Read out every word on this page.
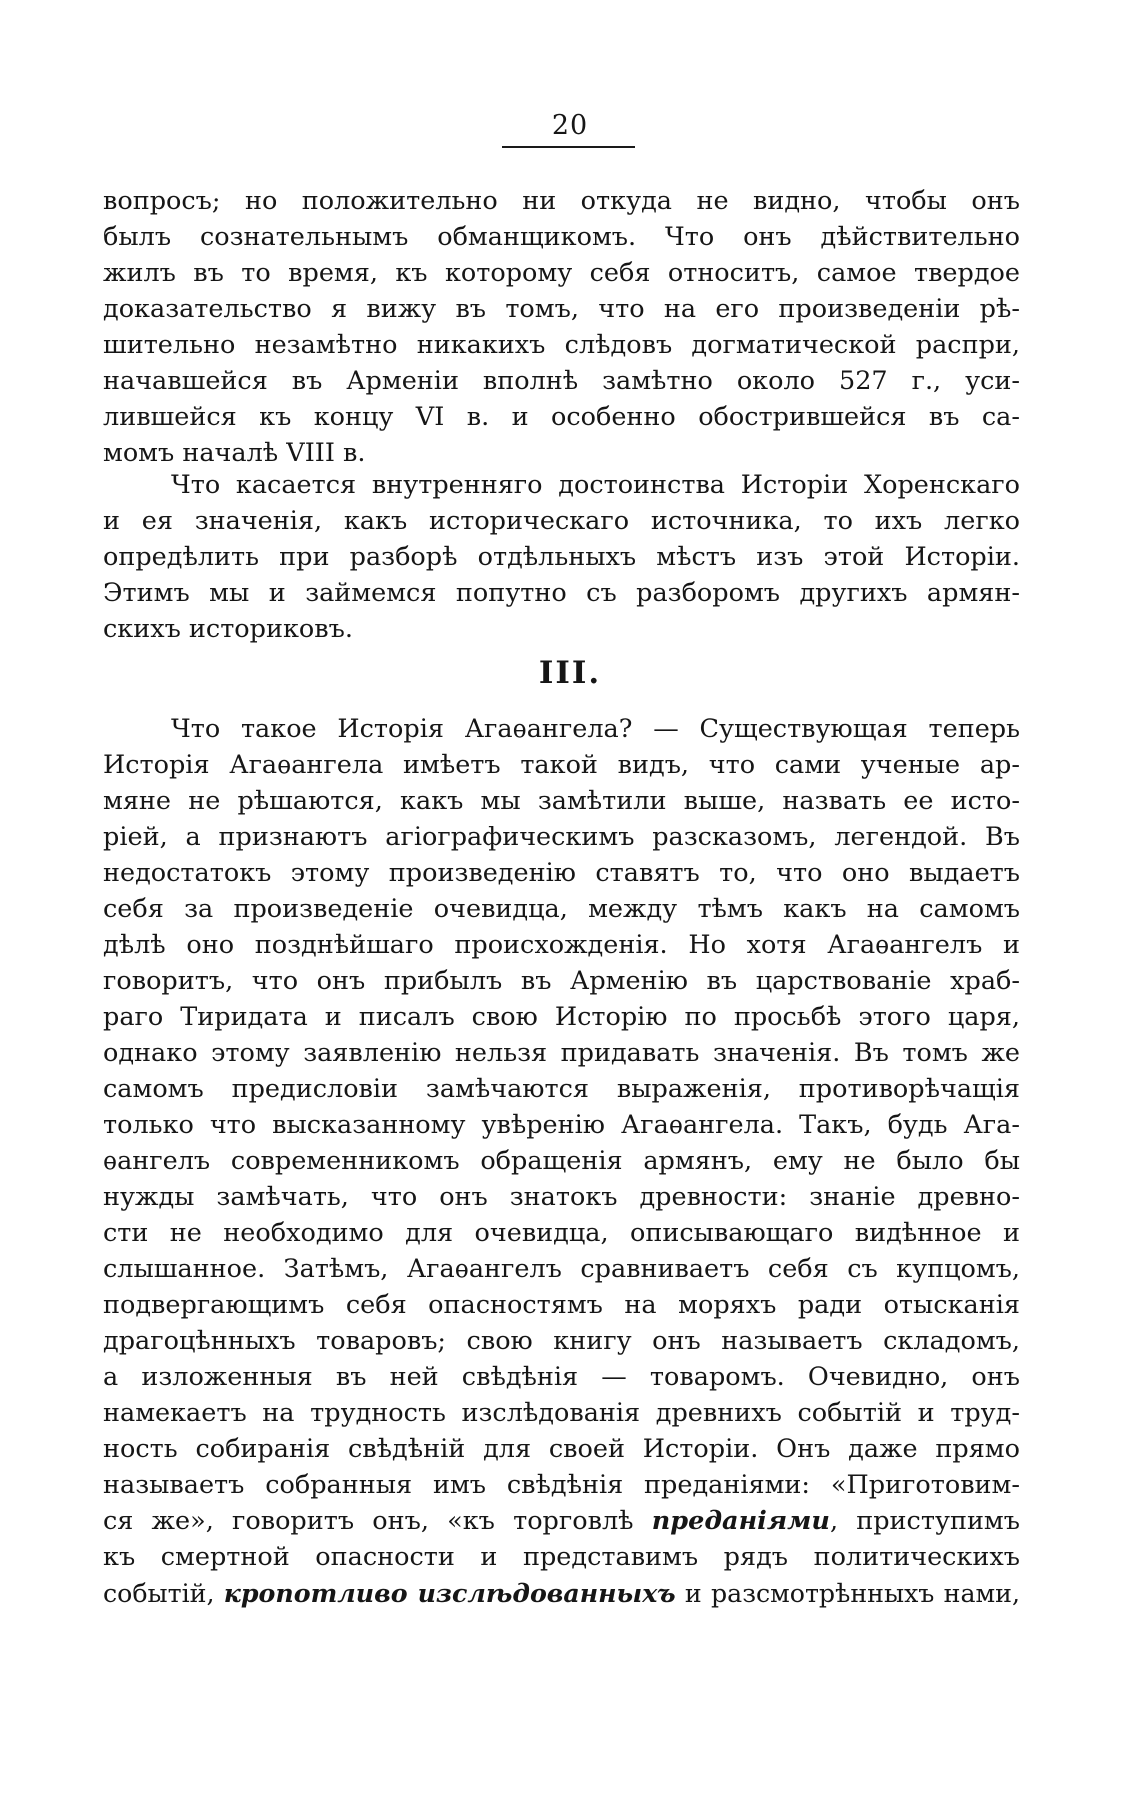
20
вопросъ; но положительно ни откуда не видно, чтобы онъ
былъ сознательнымъ обманщикомъ. Что онъ дѣйствительно
жилъ въ то время, къ которому себя относитъ, самое твердое
доказательство я вижу въ томъ, что на его произведеніи рѣ-
шительно незамѣтно никакихъ слѣдовъ догматической распри,
начавшейся въ Арменіи вполнѣ замѣтно около 527 г., уси-
лившейся къ концу VI в. и особенно обострившейся въ са-
момъ началѣ VIII в.
Что касается внутренняго достоинства Исторіи Хоренскаго
и ея значенія, какъ историческаго источника, то ихъ легко
опредѣлить при разборѣ отдѣльныхъ мѣстъ изъ этой Исторіи.
Этимъ мы и займемся попутно съ разборомъ другихъ армян-
скихъ историковъ.
III.
Что такое Исторія Агаѳангела? — Существующая теперь
Исторія Агаѳангела имѣетъ такой видъ, что сами ученые ар-
мяне не рѣшаются, какъ мы замѣтили выше, назвать ее исто-
ріей, а признаютъ агіографическимъ разсказомъ, легендой. Въ
недостатокъ этому произведенію ставятъ то, что оно выдаетъ
себя за произведеніе очевидца, между тѣмъ какъ на самомъ
дѣлѣ оно позднѣйшаго происхожденія. Но хотя Агаѳангелъ и
говоритъ, что онъ прибылъ въ Арменію въ царствованіе храб-
раго Тиридата и писалъ свою Исторію по просьбѣ этого царя,
однако этому заявленію нельзя придавать значенія. Въ томъ же
самомъ предисловіи замѣчаются выраженія, противорѣчащія
только что высказанному увѣренію Агаѳангела. Такъ, будь Ага-
ѳангелъ современникомъ обращенія армянъ, ему не было бы
нужды замѣчать, что онъ знатокъ древности: знаніе древно-
сти не необходимо для очевидца, описывающаго видѣнное и
слышанное. Затѣмъ, Агаѳангелъ сравниваетъ себя съ купцомъ,
подвергающимъ себя опасностямъ на моряхъ ради отысканія
драгоцѣнныхъ товаровъ; свою книгу онъ называетъ складомъ,
а изложенныя въ ней свѣдѣнія — товаромъ. Очевидно, онъ
намекаетъ на трудность изслѣдованія древнихъ событій и труд-
ность собиранія свѣдѣній для своей Исторіи. Онъ даже прямо
называетъ собранныя имъ свѣдѣнія преданіями: «Приготовим-
ся же», говоритъ онъ, «къ торговлѣ преданіями, приступимъ
къ смертной опасности и представимъ рядъ политическихъ
событій, кропотливо изслѣдованныхъ и разсмотрѣнныхъ нами,
